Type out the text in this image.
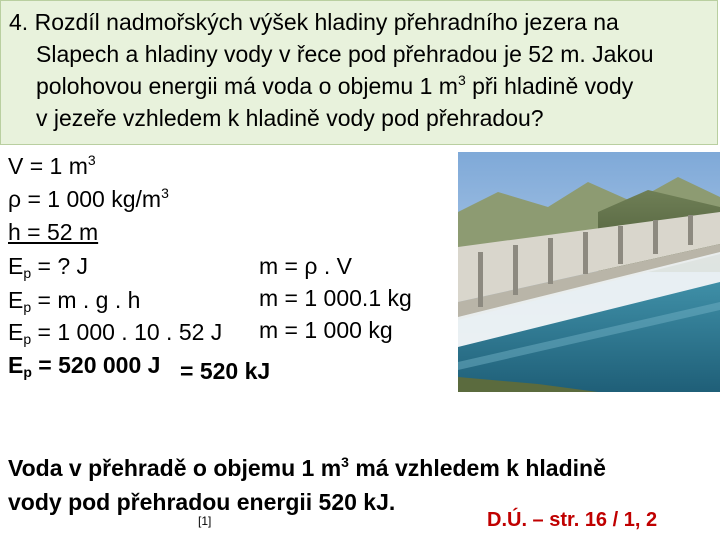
4. Rozdíl nadmořských výšek hladiny přehradního jezera na
Slapech a hladiny vody v řece pod přehradou je 52 m. Jakou
polohovou energii má voda o objemu 1 $m^3$ při hladině vody
v jezeře vzhledem k hladině vody pod přehradou?
V = 1 $m^3$
ρ = 1 000 $kg/m^3$
h = 52 m
$E_p$ = ? J
$E_p = m$ . g . h
$E_p = 1$ 000 . 10 . 52 J
$E_p = 520$ 000 J = 520 kJ
m = ρ . V
m = 1 000.1 kg
m = 1 000 kg
Voda v přehradě o objemu 1 $m^3$ má vzhledem k hladině
vody pod přehradou energii 520 kJ.
[1]	D.Ú. – str. 16 / 1, 2
